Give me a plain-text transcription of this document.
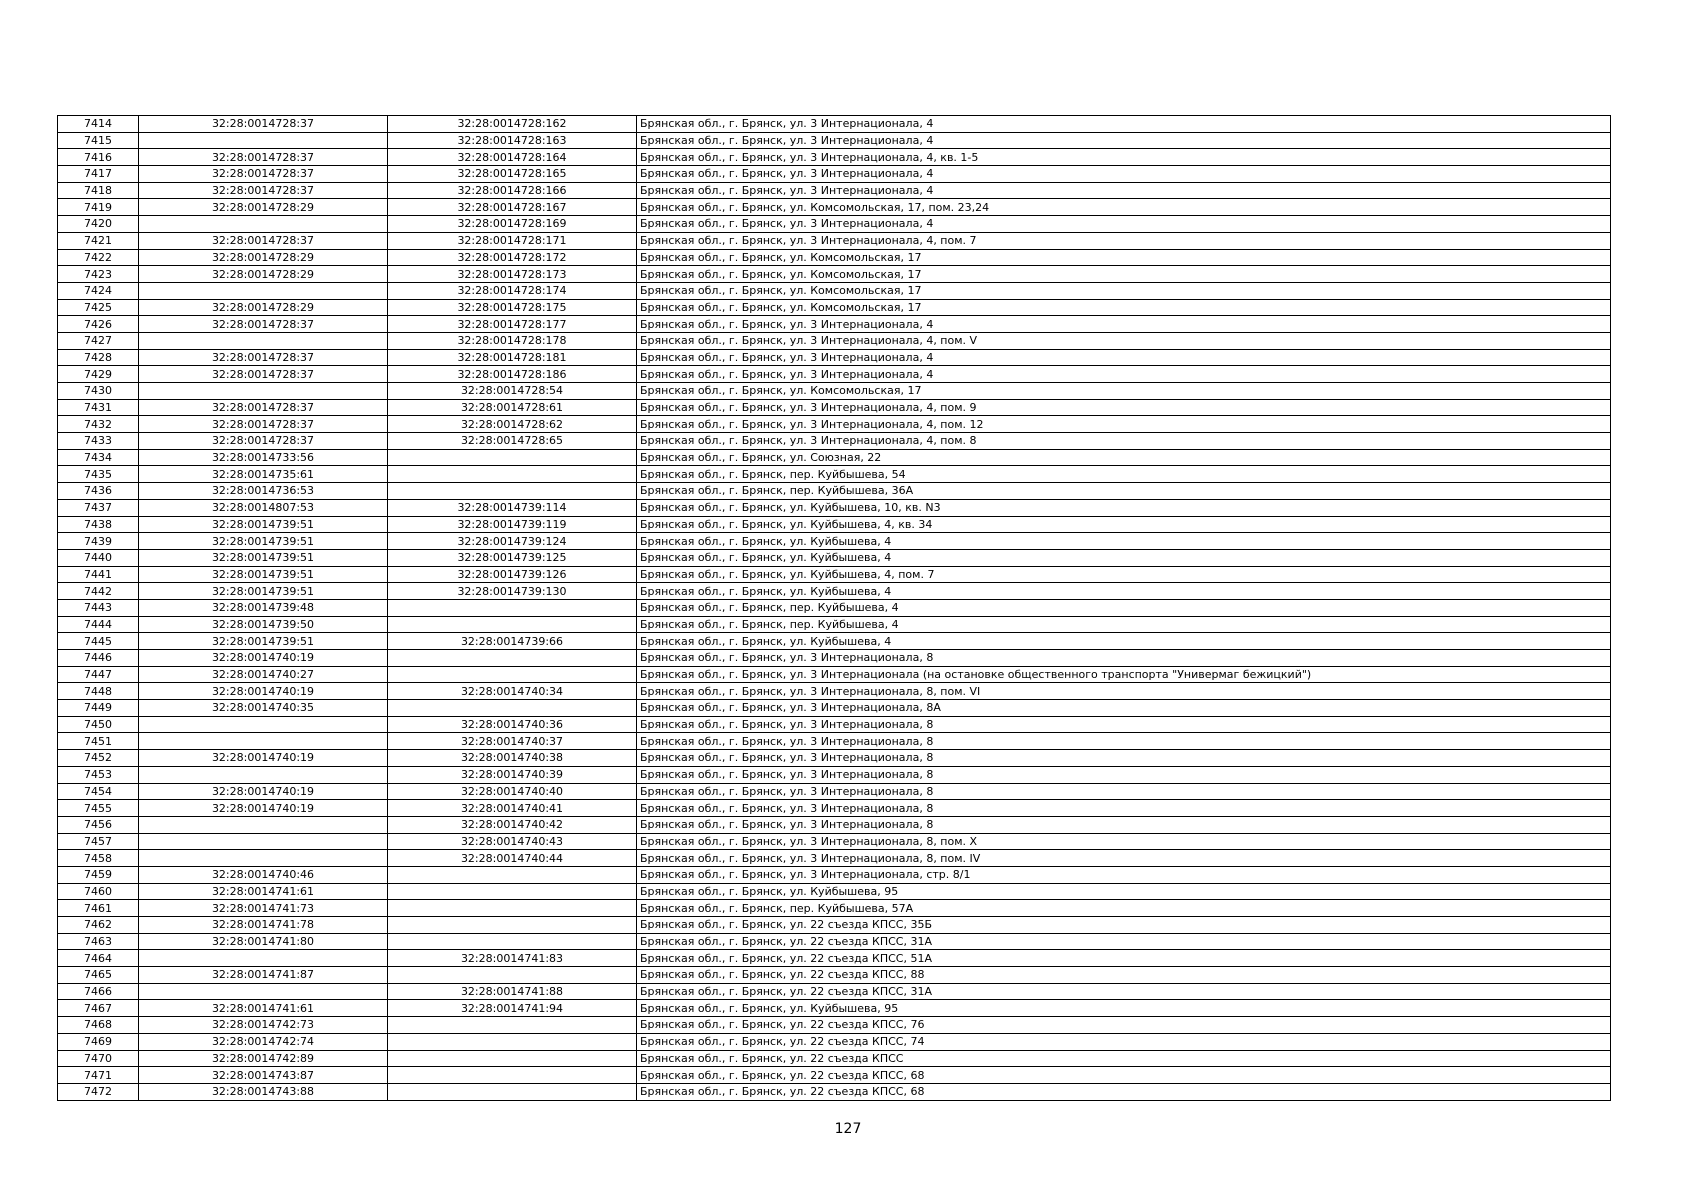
7414	32:28:0014728:37	32:28:0014728:162	Брянская обл., г. Брянск, ул. 3 Интернационала, 4
7415		32:28:0014728:163	Брянская обл., г. Брянск, ул. 3 Интернационала, 4
7416	32:28:0014728:37	32:28:0014728:164	Брянская обл., г. Брянск, ул. 3 Интернационала, 4, кв. 1-5
7417	32:28:0014728:37	32:28:0014728:165	Брянская обл., г. Брянск, ул. 3 Интернационала, 4
7418	32:28:0014728:37	32:28:0014728:166	Брянская обл., г. Брянск, ул. 3 Интернационала, 4
7419	32:28:0014728:29	32:28:0014728:167	Брянская обл., г. Брянск, ул. Комсомольская, 17, пом. 23,24
7420		32:28:0014728:169	Брянская обл., г. Брянск, ул. 3 Интернационала, 4
7421	32:28:0014728:37	32:28:0014728:171	Брянская обл., г. Брянск, ул. 3 Интернационала, 4, пом. 7
7422	32:28:0014728:29	32:28:0014728:172	Брянская обл., г. Брянск, ул. Комсомольская, 17
7423	32:28:0014728:29	32:28:0014728:173	Брянская обл., г. Брянск, ул. Комсомольская, 17
7424		32:28:0014728:174	Брянская обл., г. Брянск, ул. Комсомольская, 17
7425	32:28:0014728:29	32:28:0014728:175	Брянская обл., г. Брянск, ул. Комсомольская, 17
7426	32:28:0014728:37	32:28:0014728:177	Брянская обл., г. Брянск, ул. 3 Интернационала, 4
7427		32:28:0014728:178	Брянская обл., г. Брянск, ул. 3 Интернационала, 4, пом. V
7428	32:28:0014728:37	32:28:0014728:181	Брянская обл., г. Брянск, ул. 3 Интернационала, 4
7429	32:28:0014728:37	32:28:0014728:186	Брянская обл., г. Брянск, ул. 3 Интернационала, 4
7430		32:28:0014728:54	Брянская обл., г. Брянск, ул. Комсомольская, 17
7431	32:28:0014728:37	32:28:0014728:61	Брянская обл., г. Брянск, ул. 3 Интернационала, 4, пом. 9
7432	32:28:0014728:37	32:28:0014728:62	Брянская обл., г. Брянск, ул. 3 Интернационала, 4, пом. 12
7433	32:28:0014728:37	32:28:0014728:65	Брянская обл., г. Брянск, ул. 3 Интернационала, 4, пом. 8
7434	32:28:0014733:56		Брянская обл., г. Брянск, ул. Союзная, 22
7435	32:28:0014735:61		Брянская обл., г. Брянск, пер. Куйбышева, 54
7436	32:28:0014736:53		Брянская обл., г. Брянск, пер. Куйбышева, 36А
7437	32:28:0014807:53	32:28:0014739:114	Брянская обл., г. Брянск, ул. Куйбышева, 10, кв. N3
7438	32:28:0014739:51	32:28:0014739:119	Брянская обл., г. Брянск, ул. Куйбышева, 4, кв. 34
7439	32:28:0014739:51	32:28:0014739:124	Брянская обл., г. Брянск, ул. Куйбышева, 4
7440	32:28:0014739:51	32:28:0014739:125	Брянская обл., г. Брянск, ул. Куйбышева, 4
7441	32:28:0014739:51	32:28:0014739:126	Брянская обл., г. Брянск, ул. Куйбышева, 4, пом. 7
7442	32:28:0014739:51	32:28:0014739:130	Брянская обл., г. Брянск, ул. Куйбышева, 4
7443	32:28:0014739:48		Брянская обл., г. Брянск, пер. Куйбышева, 4
7444	32:28:0014739:50		Брянская обл., г. Брянск, пер. Куйбышева, 4
7445	32:28:0014739:51	32:28:0014739:66	Брянская обл., г. Брянск, ул. Куйбышева, 4
7446	32:28:0014740:19		Брянская обл., г. Брянск, ул. 3 Интернационала, 8
7447	32:28:0014740:27		Брянская обл., г. Брянск, ул. 3 Интернационала (на остановке общественного транспорта "Универмаг бежицкий")
7448	32:28:0014740:19	32:28:0014740:34	Брянская обл., г. Брянск, ул. 3 Интернационала, 8, пом. VI
7449	32:28:0014740:35		Брянская обл., г. Брянск, ул. 3 Интернационала, 8А
7450		32:28:0014740:36	Брянская обл., г. Брянск, ул. 3 Интернационала, 8
7451		32:28:0014740:37	Брянская обл., г. Брянск, ул. 3 Интернационала, 8
7452	32:28:0014740:19	32:28:0014740:38	Брянская обл., г. Брянск, ул. 3 Интернационала, 8
7453		32:28:0014740:39	Брянская обл., г. Брянск, ул. 3 Интернационала, 8
7454	32:28:0014740:19	32:28:0014740:40	Брянская обл., г. Брянск, ул. 3 Интернационала, 8
7455	32:28:0014740:19	32:28:0014740:41	Брянская обл., г. Брянск, ул. 3 Интернационала, 8
7456		32:28:0014740:42	Брянская обл., г. Брянск, ул. 3 Интернационала, 8
7457		32:28:0014740:43	Брянская обл., г. Брянск, ул. 3 Интернационала, 8, пом. X
7458		32:28:0014740:44	Брянская обл., г. Брянск, ул. 3 Интернационала, 8, пом. IV
7459	32:28:0014740:46		Брянская обл., г. Брянск, ул. 3 Интернационала, стр. 8/1
7460	32:28:0014741:61		Брянская обл., г. Брянск, ул. Куйбышева, 95
7461	32:28:0014741:73		Брянская обл., г. Брянск, пер. Куйбышева, 57А
7462	32:28:0014741:78		Брянская обл., г. Брянск, ул. 22 съезда КПСС, 35Б
7463	32:28:0014741:80		Брянская обл., г. Брянск, ул. 22 съезда КПСС, 31А
7464		32:28:0014741:83	Брянская обл., г. Брянск, ул. 22 съезда КПСС, 51А
7465	32:28:0014741:87		Брянская обл., г. Брянск, ул. 22 съезда КПСС, 88
7466		32:28:0014741:88	Брянская обл., г. Брянск, ул. 22 съезда КПСС, 31А
7467	32:28:0014741:61	32:28:0014741:94	Брянская обл., г. Брянск, ул. Куйбышева, 95
7468	32:28:0014742:73		Брянская обл., г. Брянск, ул. 22 съезда КПСС, 76
7469	32:28:0014742:74		Брянская обл., г. Брянск, ул. 22 съезда КПСС, 74
7470	32:28:0014742:89		Брянская обл., г. Брянск, ул. 22 съезда КПСС
7471	32:28:0014743:87		Брянская обл., г. Брянск, ул. 22 съезда КПСС, 68
7472	32:28:0014743:88		Брянская обл., г. Брянск, ул. 22 съезда КПСС, 68
127
